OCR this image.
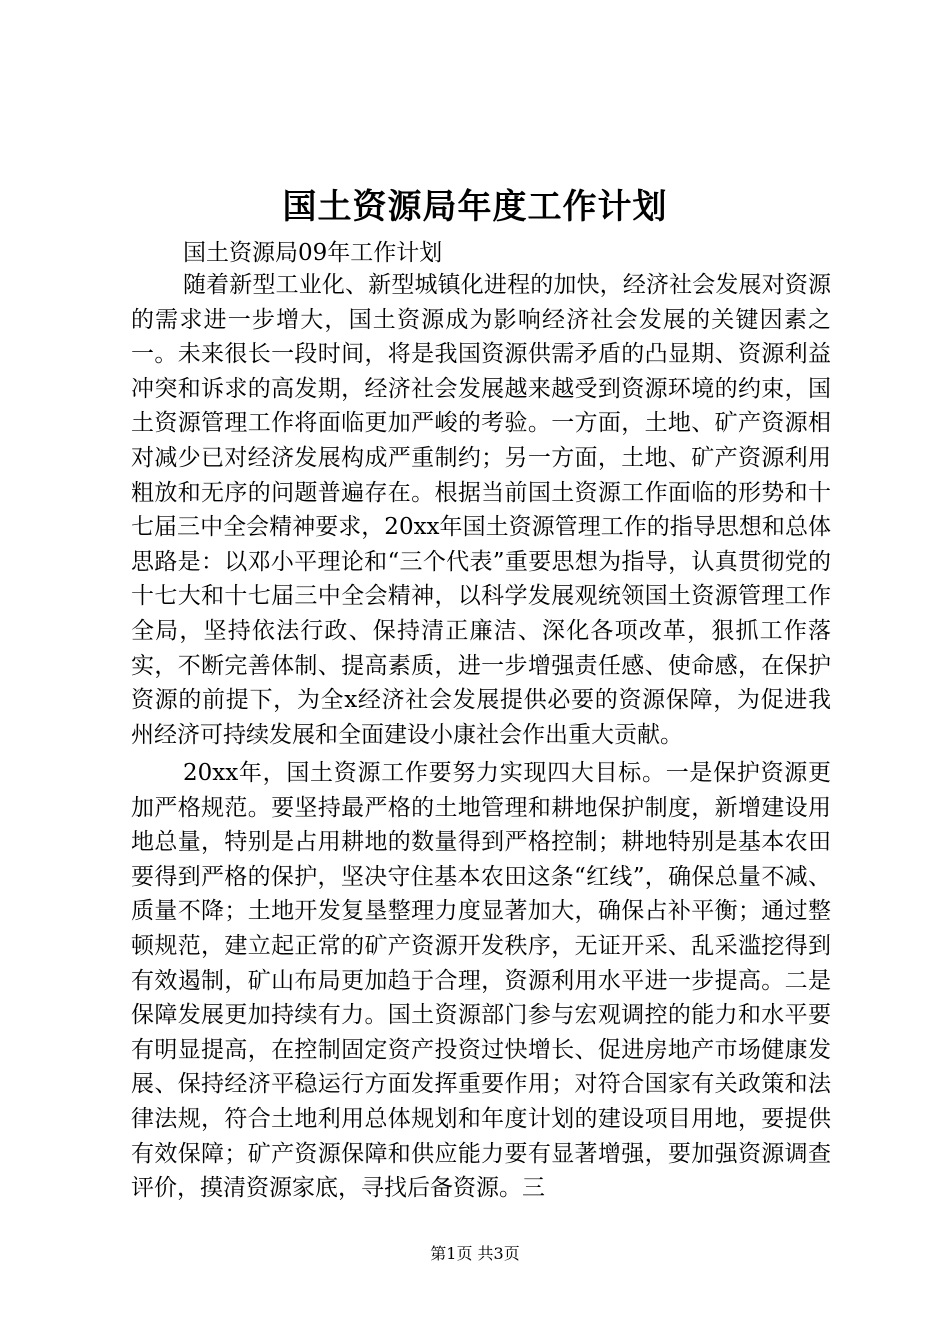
国土资源局年度工作计划
国土资源局09年工作计划
随着新型工业化、新型城镇化进程的加快，经济社会发展对资源的需求进一步增大，国土资源成为影响经济社会发展的关键因素之一。未来很长一段时间，将是我国资源供需矛盾的凸显期、资源利益冲突和诉求的高发期，经济社会发展越来越受到资源环境的约束，国土资源管理工作将面临更加严峻的考验。一方面，土地、矿产资源相对减少已对经济发展构成严重制约；另一方面，土地、矿产资源利用粗放和无序的问题普遍存在。根据当前国土资源工作面临的形势和十七届三中全会精神要求，20xx年国土资源管理工作的指导思想和总体思路是：以邓小平理论和“三个代表”重要思想为指导，认真贯彻党的十七大和十七届三中全会精神，以科学发展观统领国土资源管理工作全局，坚持依法行政、保持清正廉洁、深化各项改革，狠抓工作落实，不断完善体制、提高素质，进一步增强责任感、使命感，在保护资源的前提下，为全x经济社会发展提供必要的资源保障，为促进我州经济可持续发展和全面建设小康社会作出重大贡献。
20xx年，国土资源工作要努力实现四大目标。一是保护资源更加严格规范。要坚持最严格的土地管理和耕地保护制度，新增建设用地总量，特别是占用耕地的数量得到严格控制；耕地特别是基本农田要得到严格的保护，坚决守住基本农田这条“红线”，确保总量不减、质量不降；土地开发复垦整理力度显著加大，确保占补平衡；通过整顿规范，建立起正常的矿产资源开发秩序，无证开采、乱采滥挖得到有效遏制，矿山布局更加趋于合理，资源利用水平进一步提高。二是保障发展更加持续有力。国土资源部门参与宏观调控的能力和水平要有明显提高，在控制固定资产投资过快增长、促进房地产市场健康发展、保持经济平稳运行方面发挥重要作用；对符合国家有关政策和法律法规，符合土地利用总体规划和年度计划的建设项目用地，要提供有效保障；矿产资源保障和供应能力要有显著增强，要加强资源调查评价，摸清资源家底，寻找后备资源。三
第1页 共3页
